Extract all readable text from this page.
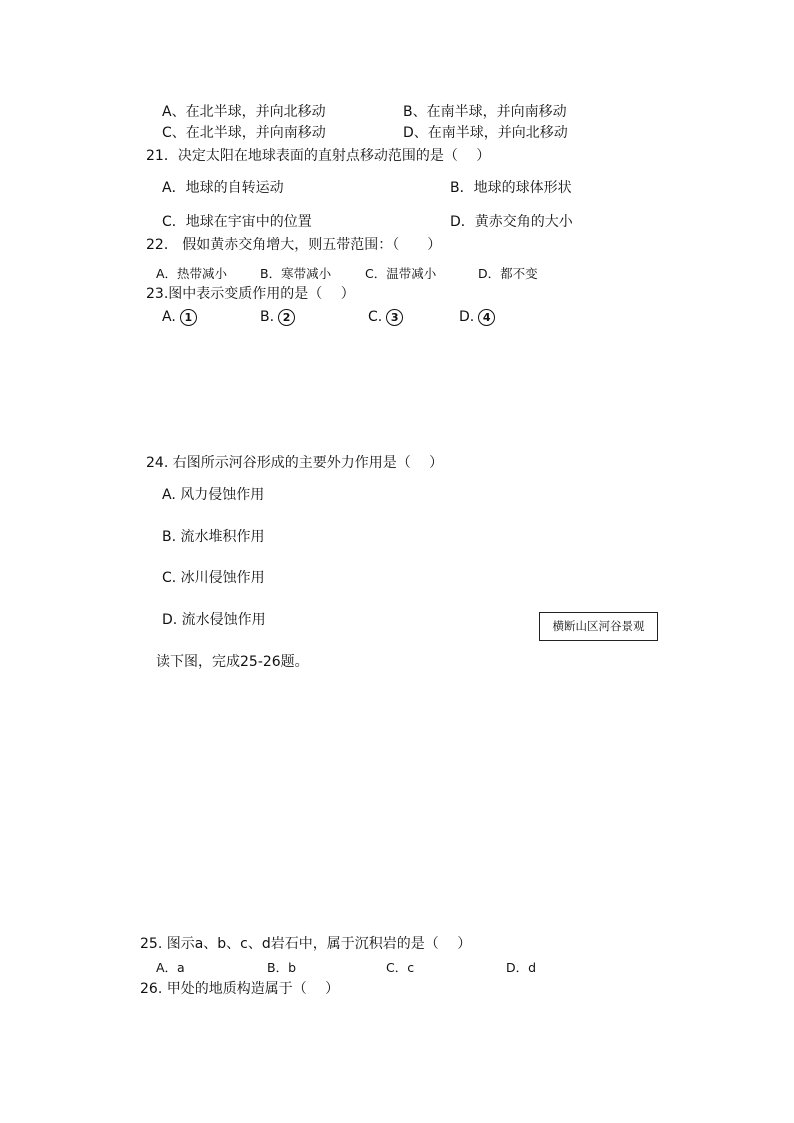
A、在北半球，并向北移动	B、在南半球，并向南移动
C、在北半球，并向南移动	D、在南半球，并向北移动
21．决定太阳在地球表面的直射点移动范围的是（　 ）
A．地球的自转运动	B．地球的球体形状
C．地球在宇宙中的位置	D．黄赤交角的大小
22． 假如黄赤交角增大，则五带范围：（　　）
A．热带减小	B．寒带减小	C．温带减小	D．都不变
23.图中表示变质作用的是（　 ）
A. 1	B. 2	C. 3	D. 4
24. 右图所示河谷形成的主要外力作用是（　 ）
A. 风力侵蚀作用
B. 流水堆积作用
C. 冰川侵蚀作用
D. 流水侵蚀作用	横断山区河谷景观
读下图，完成25-26题。
25. 图示a、b、c、d岩石中，属于沉积岩的是（　 ）
A．a	B．b	C．c	D．d
26. 甲处的地质构造属于（　 ）
